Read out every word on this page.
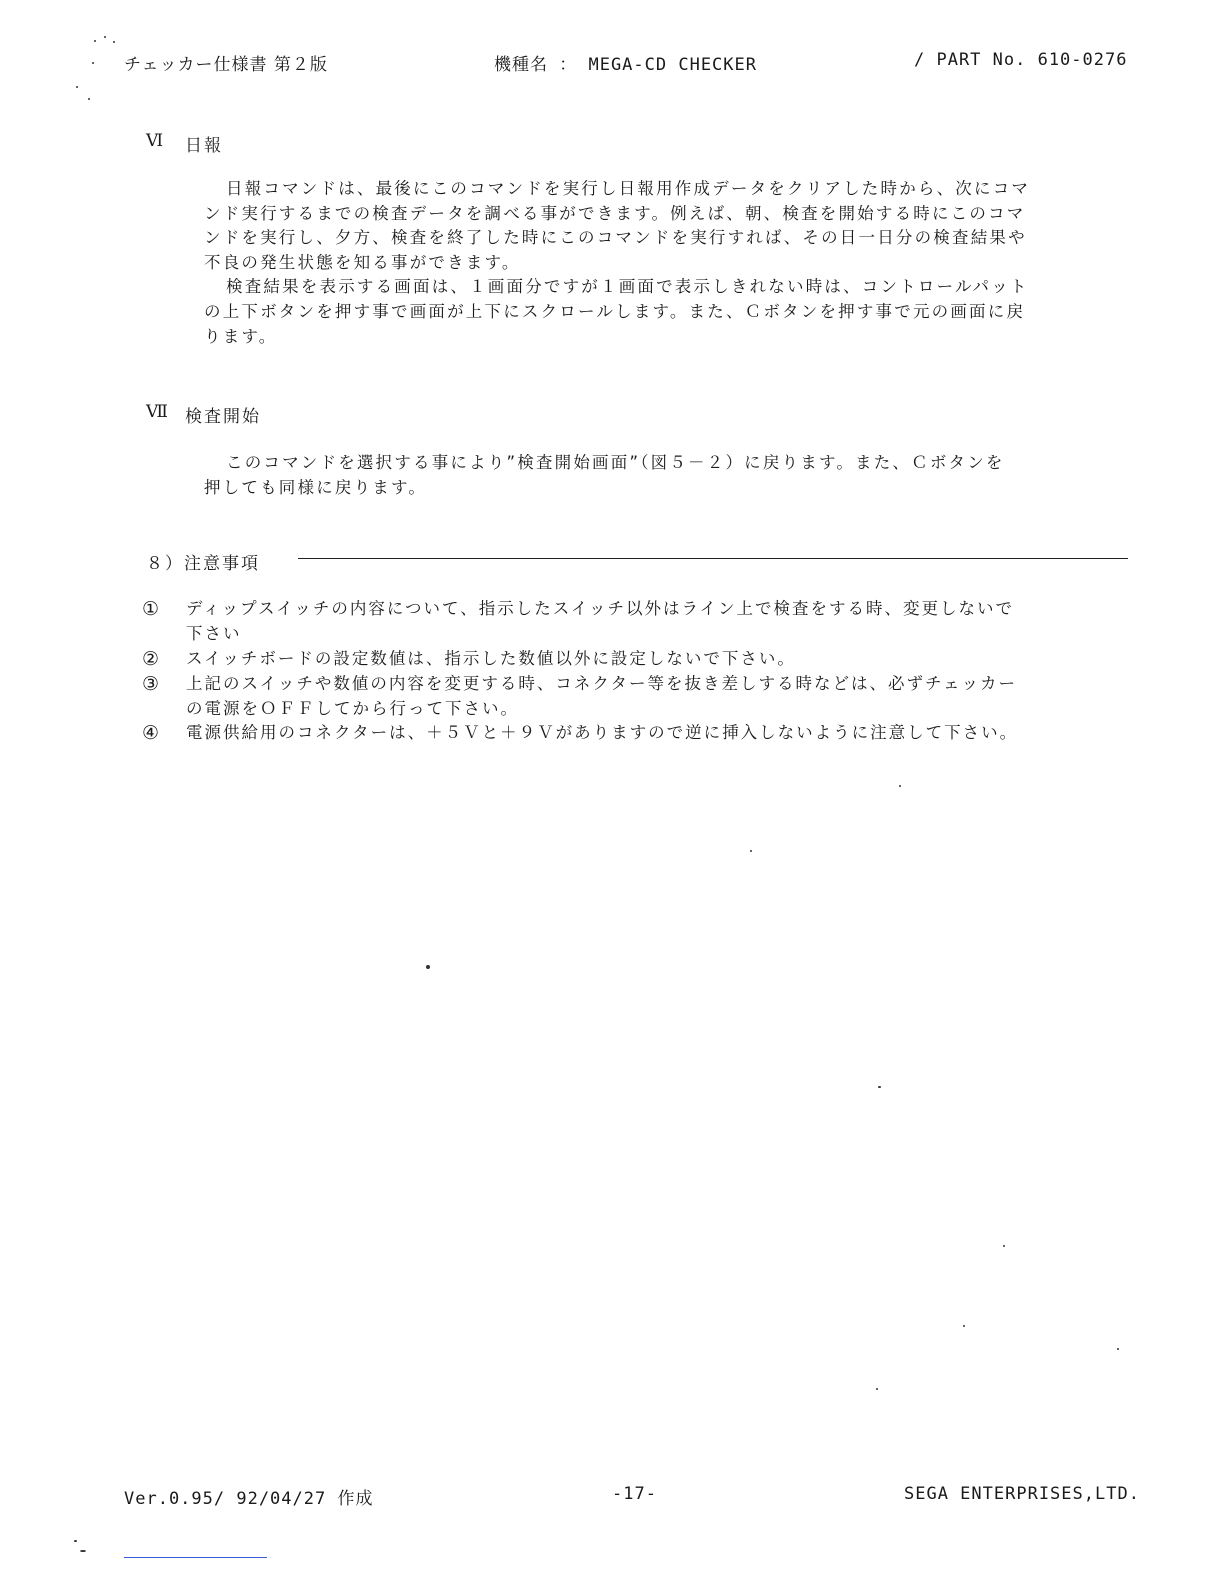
チェッカー仕様書 第２版	機種名 ： MEGA-CD CHECKER	/ PART No. 610-0276
Ⅵ 日報

日報コマンドは、最後にこのコマンドを実行し日報用作成データをクリアした時から、次にコマ

ンド実行するまでの検査データを調べる事ができます。例えば、朝、検査を開始する時にこのコマ

ンドを実行し、夕方、検査を終了した時にこのコマンドを実行すれば、その日一日分の検査結果や

不良の発生状態を知る事ができます。

検査結果を表示する画面は、１画面分ですが１画面で表示しきれない時は、コントロールパット

の上下ボタンを押す事で画面が上下にスクロールします。また、Ｃボタンを押す事で元の画面に戻

ります。

Ⅶ 検査開始

このコマンドを選択する事により”検査開始画面”（図５－２）に戻ります。また、Ｃボタンを

押しても同様に戻ります。

８）注意事項
① ディップスイッチの内容について、指示したスイッチ以外はライン上で検査をする時、変更しないで
下さい
② スイッチボードの設定数値は、指示した数値以外に設定しないで下さい。
③ 上記のスイッチや数値の内容を変更する時、コネクター等を抜き差しする時などは、必ずチェッカー
の電源をＯＦＦしてから行って下さい。
④ 電源供給用のコネクターは、＋５Ｖと＋９Ｖがありますので逆に挿入しないように注意して下さい。
Ver.0.95/ 92/04/27 作成	-17-	SEGA ENTERPRISES,LTD.
